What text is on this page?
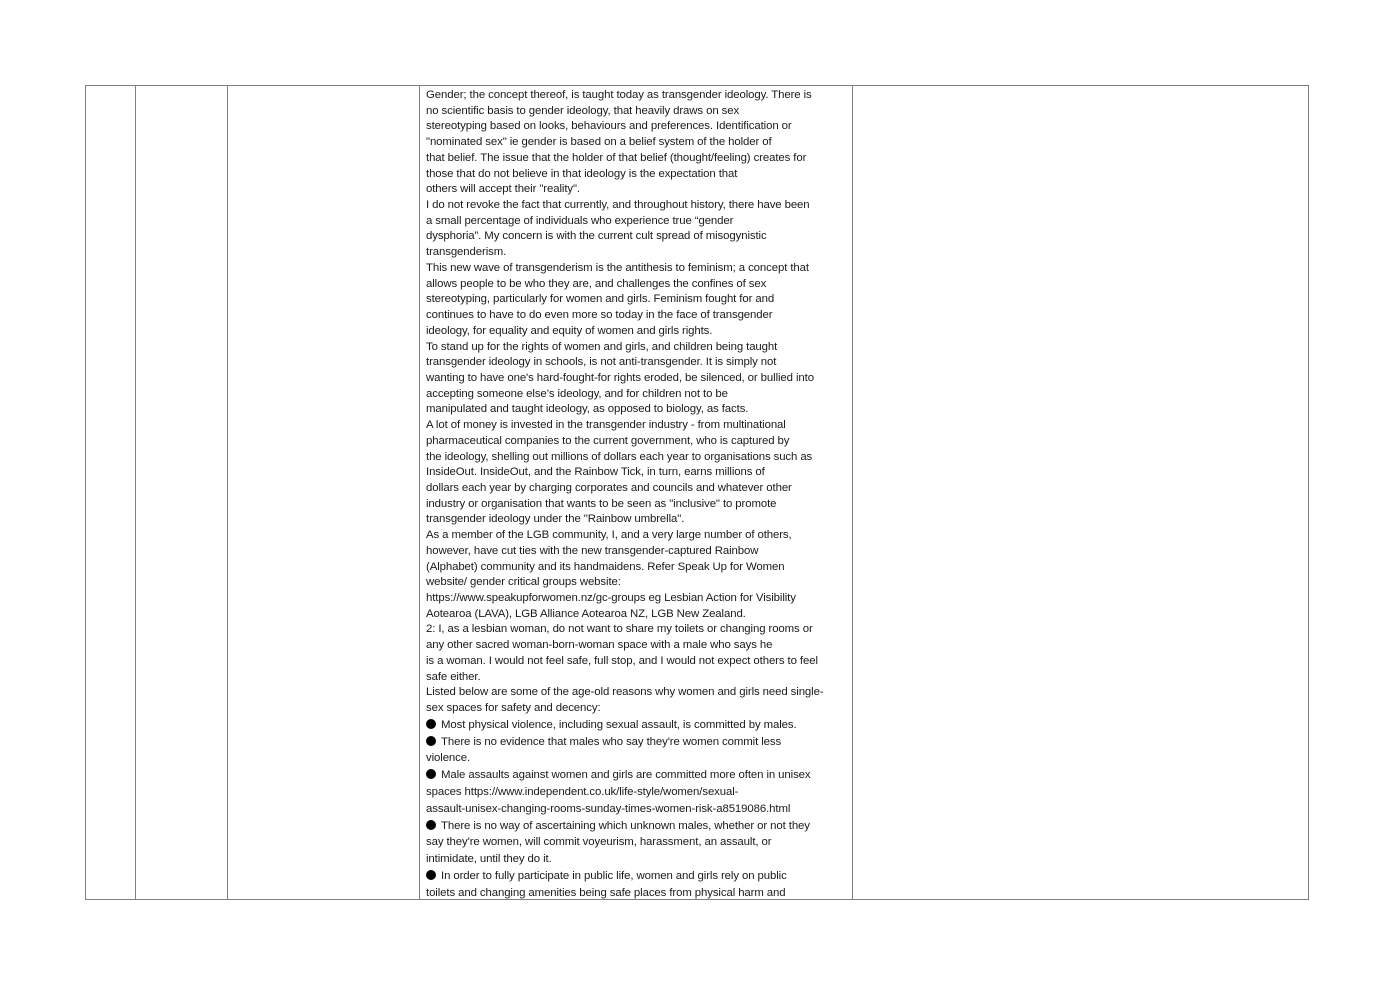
Gender; the concept thereof, is taught today as transgender ideology. There is
no scientific basis to gender ideology, that heavily draws on sex
stereotyping based on looks, behaviours and preferences. Identification or
"nominated sex" ie gender is based on a belief system of the holder of
that belief. The issue that the holder of that belief (thought/feeling) creates for
those that do not believe in that ideology is the expectation that
others will accept their "reality".
I do not revoke the fact that currently, and throughout history, there have been
a small percentage of individuals who experience true “gender
dysphoria”. My concern is with the current cult spread of misogynistic
transgenderism.
This new wave of transgenderism is the antithesis to feminism; a concept that
allows people to be who they are, and challenges the confines of sex
stereotyping, particularly for women and girls. Feminism fought for and
continues to have to do even more so today in the face of transgender
ideology, for equality and equity of women and girls rights.
To stand up for the rights of women and girls, and children being taught
transgender ideology in schools, is not anti-transgender. It is simply not
wanting to have one's hard-fought-for rights eroded, be silenced, or bullied into
accepting someone else’s ideology, and for children not to be
manipulated and taught ideology, as opposed to biology, as facts.
A lot of money is invested in the transgender industry - from multinational
pharmaceutical companies to the current government, who is captured by
the ideology, shelling out millions of dollars each year to organisations such as
InsideOut. InsideOut, and the Rainbow Tick, in turn, earns millions of
dollars each year by charging corporates and councils and whatever other
industry or organisation that wants to be seen as "inclusive" to promote
transgender ideology under the "Rainbow umbrella".
As a member of the LGB community, I, and a very large number of others,
however, have cut ties with the new transgender-captured Rainbow
(Alphabet) community and its handmaidens. Refer Speak Up for Women
website/ gender critical groups website:
https://www.speakupforwomen.nz/gc-groups eg Lesbian Action for Visibility
Aotearoa (LAVA), LGB Alliance Aotearoa NZ, LGB New Zealand.
2: I, as a lesbian woman, do not want to share my toilets or changing rooms or
any other sacred woman-born-woman space with a male who says he
is a woman. I would not feel safe, full stop, and I would not expect others to feel
safe either.
Listed below are some of the age-old reasons why women and girls need single-
sex spaces for safety and decency:
Most physical violence, including sexual assault, is committed by males.
There is no evidence that males who say they're women commit less
violence.
Male assaults against women and girls are committed more often in unisex
spaces https://www.independent.co.uk/life-style/women/sexual-
assault-unisex-changing-rooms-sunday-times-women-risk-a8519086.html
There is no way of ascertaining which unknown males, whether or not they
say they're women, will commit voyeurism, harassment, an assault, or
intimidate, until they do it.
In order to fully participate in public life, women and girls rely on public
toilets and changing amenities being safe places from physical harm and
